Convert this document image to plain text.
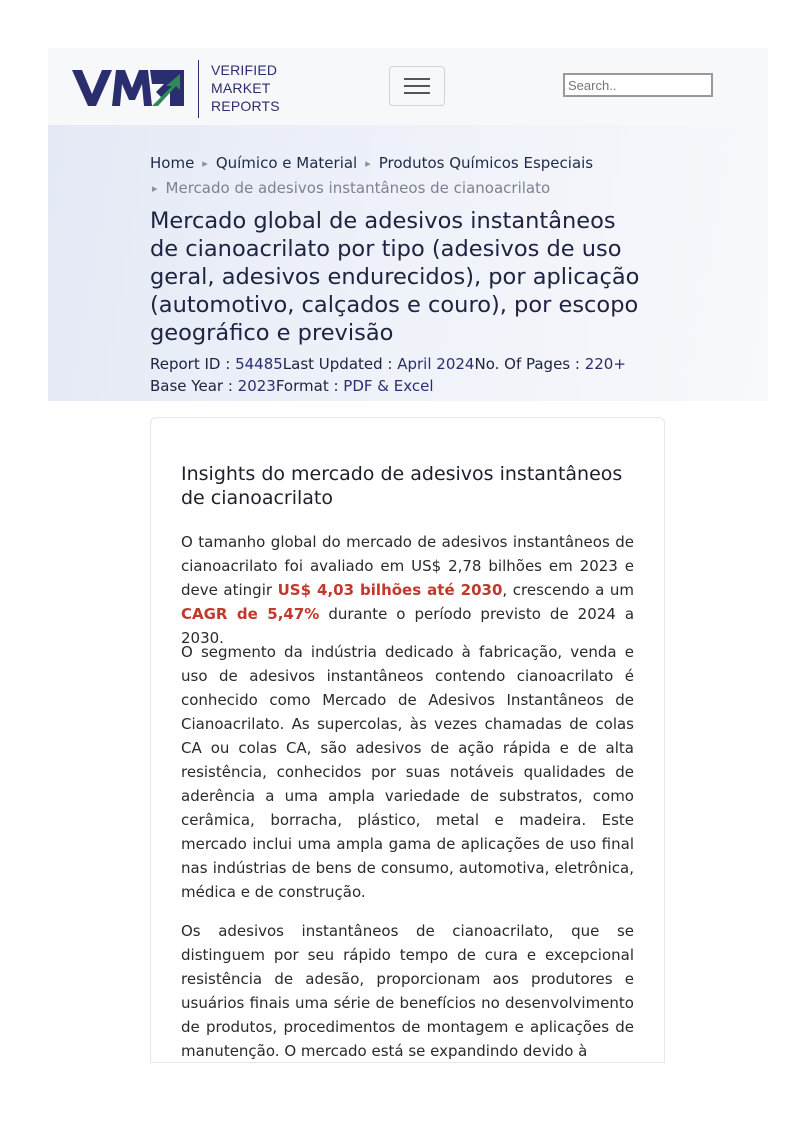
VERIFIED
MARKET
REPORTS
Search..
Home ▸ Químico e Material ▸ Produtos Químicos Especiais
▸ Mercado de adesivos instantâneos de cianoacrilato
Mercado global de adesivos instantâneos de cianoacrilato por tipo (adesivos de uso geral, adesivos endurecidos), por aplicação (automotivo, calçados e couro), por escopo geográfico e previsão
Report ID : 54485Last Updated : April 2024No. Of Pages : 220+
Base Year : 2023Format : PDF & Excel
Insights do mercado de adesivos instantâneos de cianoacrilato

O tamanho global do mercado de adesivos instantâneos de cianoacrilato foi avaliado em US$ 2,78 bilhões em 2023 e deve atingir US$ 4,03 bilhões até 2030, crescendo a um CAGR de 5,47% durante o período previsto de 2024 a 2030.

O segmento da indústria dedicado à fabricação, venda e uso de adesivos instantâneos contendo cianoacrilato é conhecido como Mercado de Adesivos Instantâneos de Cianoacrilato. As supercolas, às vezes chamadas de colas CA ou colas CA, são adesivos de ação rápida e de alta resistência, conhecidos por suas notáveis qualidades de aderência a uma ampla variedade de substratos, como cerâmica, borracha, plástico, metal e madeira. Este mercado inclui uma ampla gama de aplicações de uso final nas indústrias de bens de consumo, automotiva, eletrônica, médica e de construção.

Os adesivos instantâneos de cianoacrilato, que se distinguem por seu rápido tempo de cura e excepcional resistência de adesão, proporcionam aos produtores e usuários finais uma série de benefícios no desenvolvimento de produtos, procedimentos de montagem e aplicações de manutenção. O mercado está se expandindo devido à
